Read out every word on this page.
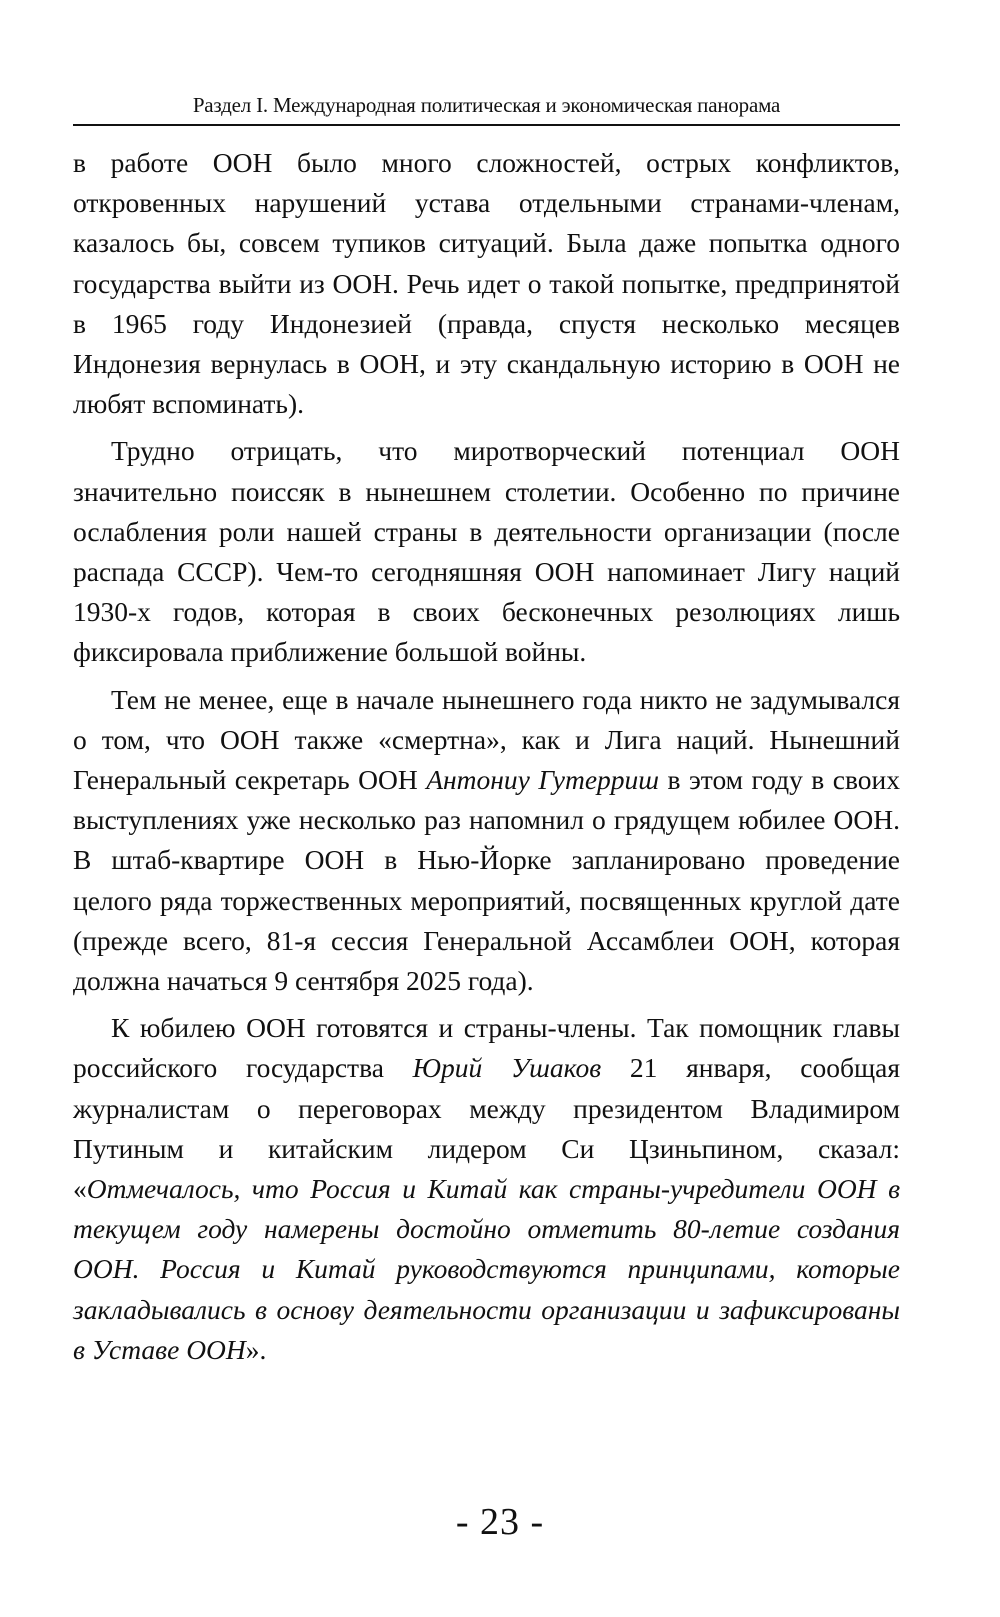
Раздел I. Международная политическая и экономическая панорама

в работе ООН было много сложностей, острых конфликтов, откровенных нарушений устава отдельными странами-членам, казалось бы, совсем тупиков ситуаций. Была даже попытка одного государства выйти из ООН. Речь идет о такой попытке, предпринятой в 1965 году Индонезией (правда, спустя несколько месяцев Индонезия вернулась в ООН, и эту скандальную историю в ООН не любят вспоминать).

Трудно отрицать, что миротворческий потенциал ООН значительно поиссяк в нынешнем столетии. Особенно по причине ослабления роли нашей страны в деятельности организации (после распада СССР). Чем-то сегодняшняя ООН напоминает Лигу наций 1930-х годов, которая в своих бесконечных резолюциях лишь фиксировала приближение большой войны.

Тем не менее, еще в начале нынешнего года никто не задумывался о том, что ООН также «смертна», как и Лига наций. Нынешний Генеральный секретарь ООН Антониу Гутерриш в этом году в своих выступлениях уже несколько раз напомнил о грядущем юбилее ООН. В штаб-квартире ООН в Нью-Йорке запланировано проведение целого ряда торжественных мероприятий, посвященных круглой дате (прежде всего, 81-я сессия Генеральной Ассамблеи ООН, которая должна начаться 9 сентября 2025 года).

К юбилею ООН готовятся и страны-члены. Так помощник главы российского государства Юрий Ушаков 21 января, сообщая журналистам о переговорах между президентом Владимиром Путиным и китайским лидером Си Цзиньпином, сказал: «Отмечалось, что Россия и Китай как страны-учредители ООН в текущем году намерены достойно отметить 80-летие создания ООН. Россия и Китай руководствуются принципами, которые закладывались в основу деятельности организации и зафиксированы в Уставе ООН».

- 23 -
